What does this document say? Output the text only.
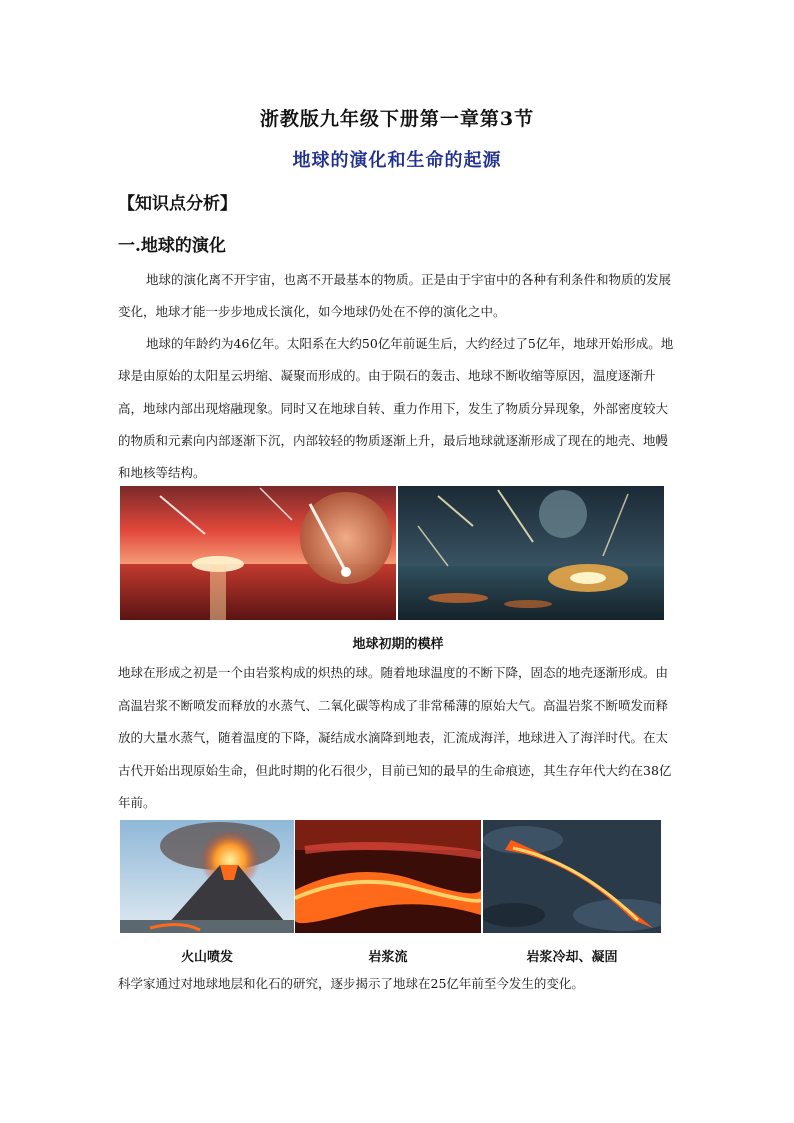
浙教版九年级下册第一章第3节
地球的演化和生命的起源
【知识点分析】
一.地球的演化

地球的演化离不开宇宙，也离不开最基本的物质。正是由于宇宙中的各种有利条件和物质的发展变化，地球才能一步步地成长演化，如今地球仍处在不停的演化之中。

地球的年龄约为46亿年。太阳系在大约50亿年前诞生后，大约经过了5亿年，地球开始形成。地球是由原始的太阳星云坍缩、凝聚而形成的。由于陨石的轰击、地球不断收缩等原因，温度逐渐升高，地球内部出现熔融现象。同时又在地球自转、重力作用下，发生了物质分异现象，外部密度较大的物质和元素向内部逐渐下沉，内部较轻的物质逐渐上升，最后地球就逐渐形成了现在的地壳、地幔和地核等结构。

地球初期的模样

地球在形成之初是一个由岩浆构成的炽热的球。随着地球温度的不断下降，固态的地壳逐渐形成。由高温岩浆不断喷发而释放的水蒸气、二氧化碳等构成了非常稀薄的原始大气。高温岩浆不断喷发而释放的大量水蒸气，随着温度的下降，凝结成水滴降到地表，汇流成海洋，地球进入了海洋时代。在太古代开始出现原始生命，但此时期的化石很少，目前已知的最早的生命痕迹，其生存年代大约在38亿年前。

火山喷发	岩浆流	岩浆冷却、凝固
科学家通过对地球地层和化石的研究，逐步揭示了地球在25亿年前至今发生的变化。
